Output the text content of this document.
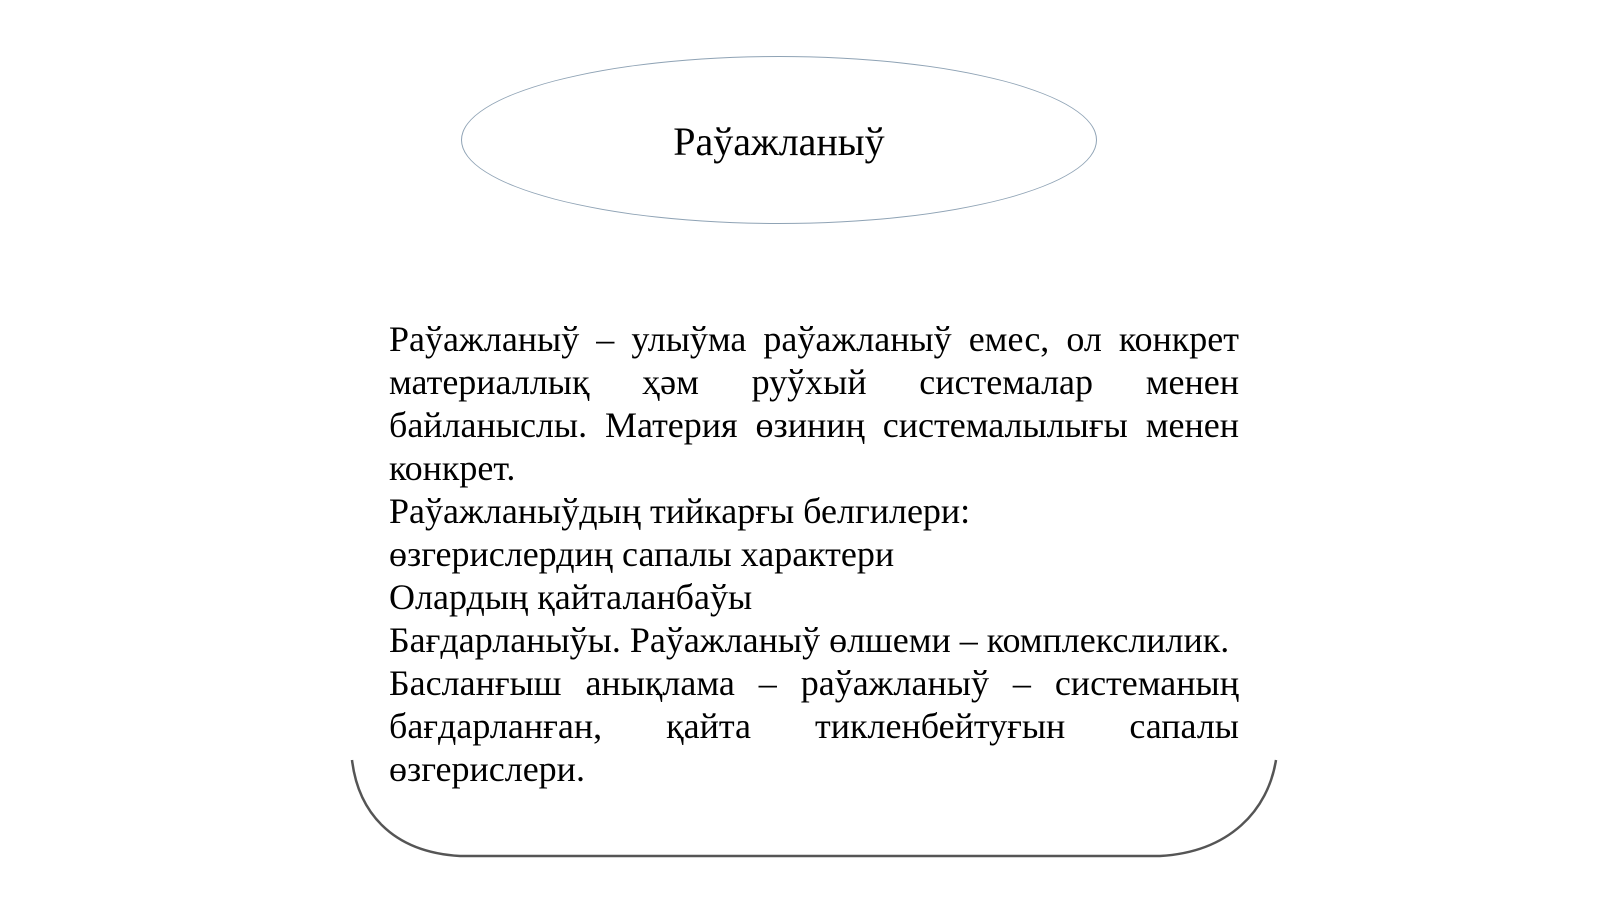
Раўажланыў

Раўажланыў – улыўма раўажланыў емес, ол конкрет материаллық ҳәм руўхый системалар менен байланыслы. Материя өзиниң системалылығы менен конкрет.

Раўажланыўдың тийкарғы белгилери:

өзгерислердиң сапалы характери

Олардың қайталанбаўы

Бағдарланыўы. Раўажланыў өлшеми – комплекслилик.

Басланғыш анықлама – раўажланыў – системаның бағдарланған, қайта тикленбейтуғын сапалы өзгерислери.
